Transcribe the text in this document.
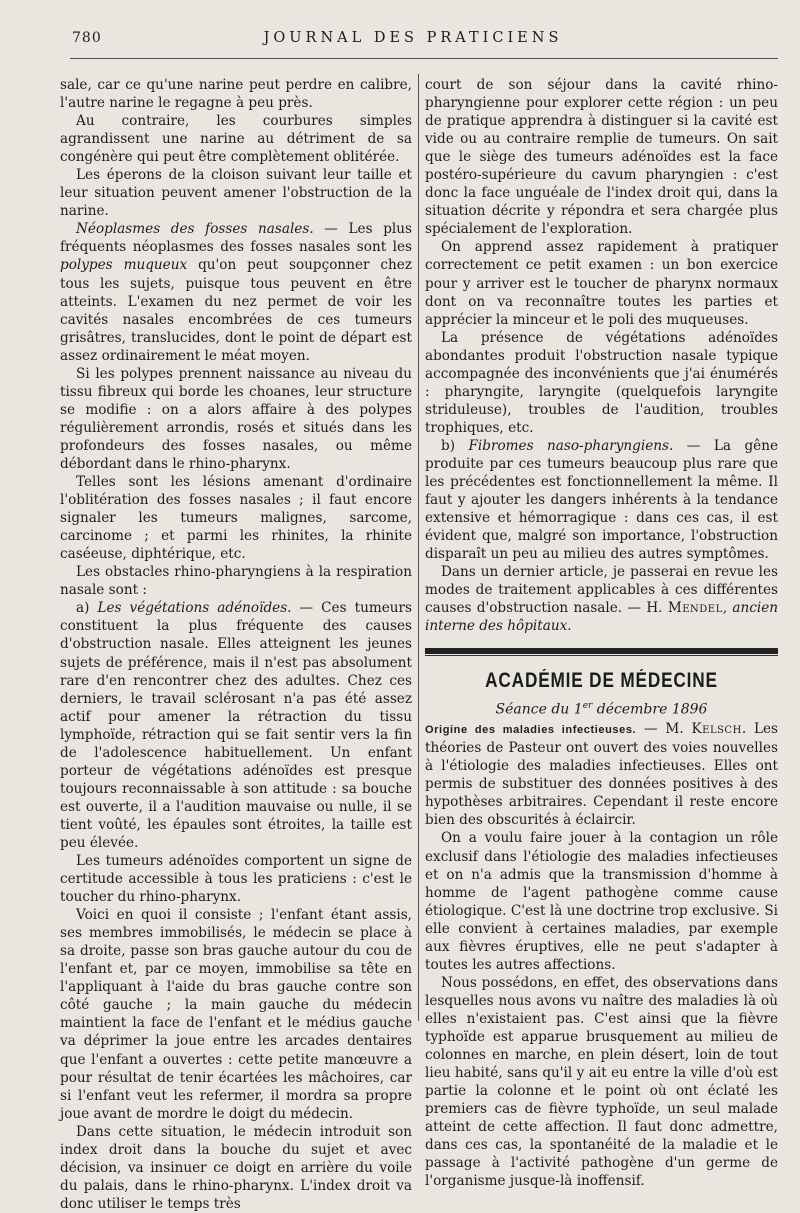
780	JOURNAL DES PRATICIENS

sale, car ce qu'une narine peut perdre en calibre, l'autre narine le regagne à peu près.

Au contraire, les courbures simples agrandissent une narine au détriment de sa congénère qui peut être complètement oblitérée.

Les éperons de la cloison suivant leur taille et leur situation peuvent amener l'obstruction de la narine.

Néoplasmes des fosses nasales. — Les plus fréquents néoplasmes des fosses nasales sont les polypes muqueux qu'on peut soupçonner chez tous les sujets, puisque tous peuvent en être atteints. L'examen du nez permet de voir les cavités nasales encombrées de ces tumeurs grisâtres, translucides, dont le point de départ est assez ordinairement le méat moyen.

Si les polypes prennent naissance au niveau du tissu fibreux qui borde les choanes, leur structure se modifie : on a alors affaire à des polypes régulièrement arrondis, rosés et situés dans les profondeurs des fosses nasales, ou même débordant dans le rhino-pharynx.

Telles sont les lésions amenant d'ordinaire l'oblitération des fosses nasales ; il faut encore signaler les tumeurs malignes, sarcome, carcinome ; et parmi les rhinites, la rhinite caséeuse, diphtérique, etc.

Les obstacles rhino-pharyngiens à la respiration nasale sont :

a) Les végétations adénoïdes. — Ces tumeurs constituent la plus fréquente des causes d'obstruction nasale. Elles atteignent les jeunes sujets de préférence, mais il n'est pas absolument rare d'en rencontrer chez des adultes. Chez ces derniers, le travail sclérosant n'a pas été assez actif pour amener la rétraction du tissu lymphoïde, rétraction qui se fait sentir vers la fin de l'adolescence habituellement. Un enfant porteur de végétations adénoïdes est presque toujours reconnaissable à son attitude : sa bouche est ouverte, il a l'audition mauvaise ou nulle, il se tient voûté, les épaules sont étroites, la taille est peu élevée.

Les tumeurs adénoïdes comportent un signe de certitude accessible à tous les praticiens : c'est le toucher du rhino-pharynx.

Voici en quoi il consiste ; l'enfant étant assis, ses membres immobilisés, le médecin se place à sa droite, passe son bras gauche autour du cou de l'enfant et, par ce moyen, immobilise sa tête en l'appliquant à l'aide du bras gauche contre son côté gauche ; la main gauche du médecin maintient la face de l'enfant et le médius gauche va déprimer la joue entre les arcades dentaires que l'enfant a ouvertes : cette petite manœuvre a pour résultat de tenir écartées les mâchoires, car si l'enfant veut les refermer, il mordra sa propre joue avant de mordre le doigt du médecin.

Dans cette situation, le médecin introduit son index droit dans la bouche du sujet et avec décision, va insinuer ce doigt en arrière du voile du palais, dans le rhino-pharynx. L'index droit va donc utiliser le temps très

court de son séjour dans la cavité rhino-pharyngienne pour explorer cette région : un peu de pratique apprendra à distinguer si la cavité est vide ou au contraire remplie de tumeurs. On sait que le siège des tumeurs adénoïdes est la face postéro-supérieure du cavum pharyngien : c'est donc la face unguéale de l'index droit qui, dans la situation décrite y répondra et sera chargée plus spécialement de l'exploration.

On apprend assez rapidement à pratiquer correctement ce petit examen : un bon exercice pour y arriver est le toucher de pharynx normaux dont on va reconnaître toutes les parties et apprécier la minceur et le poli des muqueuses.

La présence de végétations adénoïdes abondantes produit l'obstruction nasale typique accompagnée des inconvénients que j'ai énumérés : pharyngite, laryngite (quelquefois laryngite striduleuse), troubles de l'audition, troubles trophiques, etc.

b) Fibromes naso-pharyngiens. — La gêne produite par ces tumeurs beaucoup plus rare que les précédentes est fonctionnellement la même. Il faut y ajouter les dangers inhérents à la tendance extensive et hémorragique : dans ces cas, il est évident que, malgré son importance, l'obstruction disparaît un peu au milieu des autres symptômes.

Dans un dernier article, je passerai en revue les modes de traitement applicables à ces différentes causes d'obstruction nasale. — H. Mendel, ancien interne des hôpitaux.

ACADÉMIE DE MÉDECINE
Séance du 1er décembre 1896

Origine des maladies infectieuses. — M. Kelsch. Les théories de Pasteur ont ouvert des voies nouvelles à l'étiologie des maladies infectieuses. Elles ont permis de substituer des données positives à des hypothèses arbitraires. Cependant il reste encore bien des obscurités à éclaircir.

On a voulu faire jouer à la contagion un rôle exclusif dans l'étiologie des maladies infectieuses et on n'a admis que la transmission d'homme à homme de l'agent pathogène comme cause étiologique. C'est là une doctrine trop exclusive. Si elle convient à certaines maladies, par exemple aux fièvres éruptives, elle ne peut s'adapter à toutes les autres affections.

Nous possédons, en effet, des observations dans lesquelles nous avons vu naître des maladies là où elles n'existaient pas. C'est ainsi que la fièvre typhoïde est apparue brusquement au milieu de colonnes en marche, en plein désert, loin de tout lieu habité, sans qu'il y ait eu entre la ville d'où est partie la colonne et le point où ont éclaté les premiers cas de fièvre typhoïde, un seul malade atteint de cette affection. Il faut donc admettre, dans ces cas, la spontanéité de la maladie et le passage à l'activité pathogène d'un germe de l'organisme jusque-là inoffensif.
